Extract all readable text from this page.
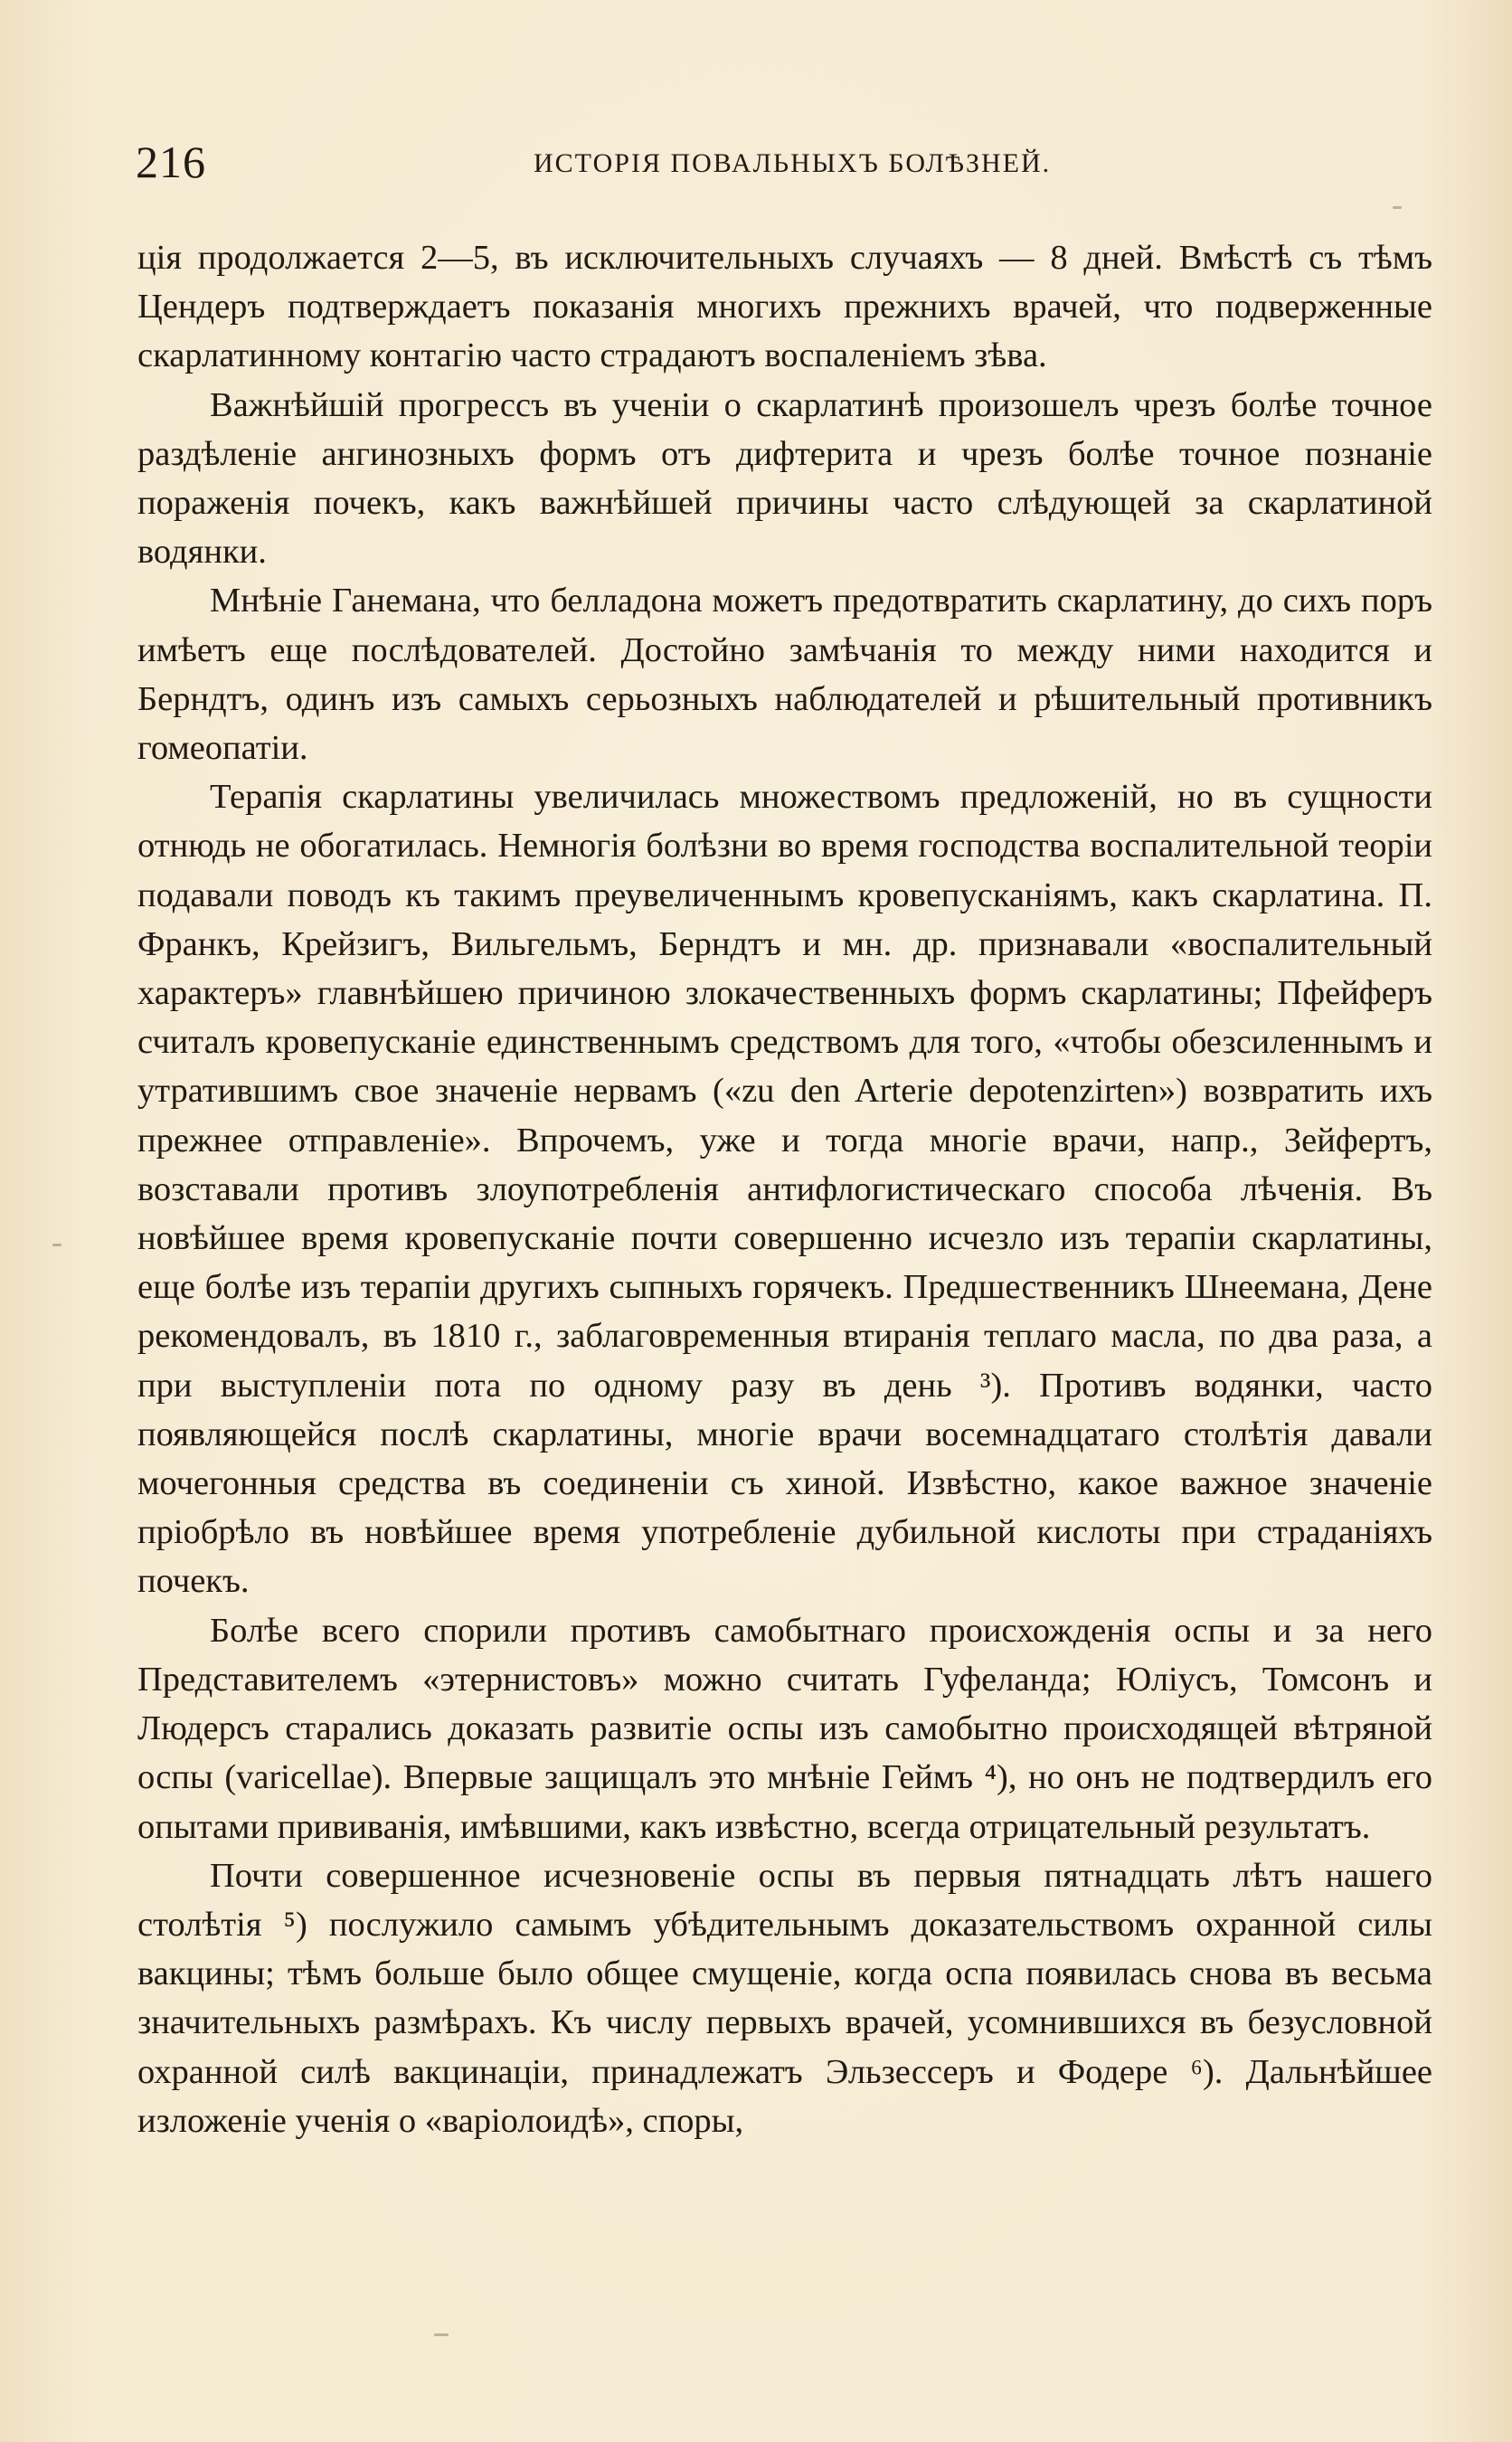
216	ИСТОРІЯ ПОВАЛЬНЫХЪ БОЛѢЗНЕЙ.

ція продолжается 2—5, въ исключительныхъ случаяхъ — 8 дней. Вмѣстѣ съ тѣмъ Цендеръ подтверждаетъ показанія многихъ прежнихъ врачей, что подверженные скарлатинному контагію часто страдаютъ воспаленіемъ зѣва.

Важнѣйшій прогрессъ въ ученіи о скарлатинѣ произошелъ чрезъ болѣе точное раздѣленіе ангинозныхъ формъ отъ дифтерита и чрезъ болѣе точное познаніе пораженія почекъ, какъ важнѣйшей причины часто слѣдующей за скарлатиной водянки.

Мнѣніе Ганемана, что белладона можетъ предотвратить скарлатину, до сихъ поръ имѣетъ еще послѣдователей. Достойно замѣчанія то между ними находится и Берндтъ, одинъ изъ самыхъ серьозныхъ наблюдателей и рѣшительный противникъ гомеопатіи.

Терапія скарлатины увеличилась множествомъ предложеній, но въ сущности отнюдь не обогатилась. Немногія болѣзни во время господства воспалительной теоріи подавали поводъ къ такимъ преувеличеннымъ кровепусканіямъ, какъ скарлатина. П. Франкъ, Крейзигъ, Вильгельмъ, Берндтъ и мн. др. признавали «воспалительный характеръ» главнѣйшею причиною злокачественныхъ формъ скарлатины; Пфейферъ считалъ кровепусканіе единственнымъ средствомъ для того, «чтобы обезсиленнымъ и утратившимъ свое значеніе нервамъ («zu den Arterie depotenzirten») возвратить ихъ прежнее отправленіе». Впрочемъ, уже и тогда многіе врачи, напр., Зейфертъ, возставали противъ злоупотребленія антифлогистическаго способа лѣченія. Въ новѣйшее время кровепусканіе почти совершенно исчезло изъ терапіи скарлатины, еще болѣе изъ терапіи другихъ сыпныхъ горячекъ. Предшественникъ Шнеемана, Дене рекомендовалъ, въ 1810 г., заблаговременныя втиранія теплаго масла, по два раза, а при выступленіи пота по одному разу въ день ³). Противъ водянки, часто появляющейся послѣ скарлатины, многіе врачи восемнадцатаго столѣтія давали мочегонныя средства въ соединеніи съ хиной. Извѣстно, какое важное значеніе пріобрѣло въ новѣйшее время употребленіе дубильной кислоты при страданіяхъ почекъ.

Болѣе всего спорили противъ самобытнаго происхожденія оспы и за него Представителемъ «этернистовъ» можно считать Гуфеланда; Юліусъ, Томсонъ и Людерсъ старались доказать развитіе оспы изъ самобытно происходящей вѣтряной оспы (varicellae). Впервые защищалъ это мнѣніе Геймъ ⁴), но онъ не подтвердилъ его опытами прививанія, имѣвшими, какъ извѣстно, всегда отрицательный результатъ.

Почти совершенное исчезновеніе оспы въ первыя пятнадцать лѣтъ нашего столѣтія ⁵) послужило самымъ убѣдительнымъ доказательствомъ охранной силы вакцины; тѣмъ больше было общее смущеніе, когда оспа появилась снова въ весьма значительныхъ размѣрахъ. Къ числу первыхъ врачей, усомнившихся въ безусловной охранной силѣ вакцинаціи, принадлежатъ Эльзессеръ и Фодере ⁶). Дальнѣйшее изложеніе ученія о «варіолоидѣ», споры,
